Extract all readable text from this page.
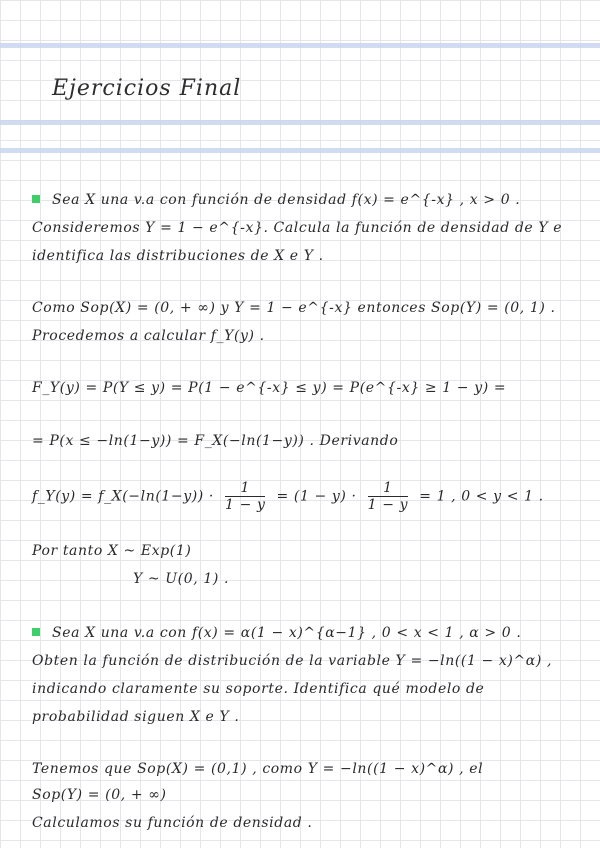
Ejercicios Final
Sea X una v.a con función de densidad f(x) = e^{-x} , x > 0 .
Consideremos Y = 1 − e^{-x}. Calcula la función de densidad de Y e
identifica las distribuciones de X e Y .
Como Sop(X) = (0, + ∞) y Y = 1 − e^{-x} entonces Sop(Y) = (0, 1) .
Procedemos a calcular f_Y(y) .
F_Y(y) = P(Y ≤ y) = P(1 − e^{-x} ≤ y) = P(e^{-x} ≥ 1 − y) =
= P(x ≤ −ln(1−y)) = F_X(−ln(1−y)) . Derivando
f_Y(y) = f_X(−ln(1−y)) · $\frac{1}{1 - y} = (1 - y) \cdot \frac{1}{1 - y} = 1$ , 0 < y < 1 .
Por tanto X ~ Exp(1)
Y ~ U(0, 1) .
Sea X una v.a con f(x) = α(1 − x)^{α−1} , 0 < x < 1 , α > 0 .
Obten la función de distribución de la variable Y = −ln((1 − x)^α) ,
indicando claramente su soporte. Identifica qué modelo de
probabilidad siguen X e Y .
Tenemos que Sop(X) = (0,1) , como Y = −ln((1 − x)^α) , el
Sop(Y) = (0, + ∞)
Calculamos su función de densidad .
